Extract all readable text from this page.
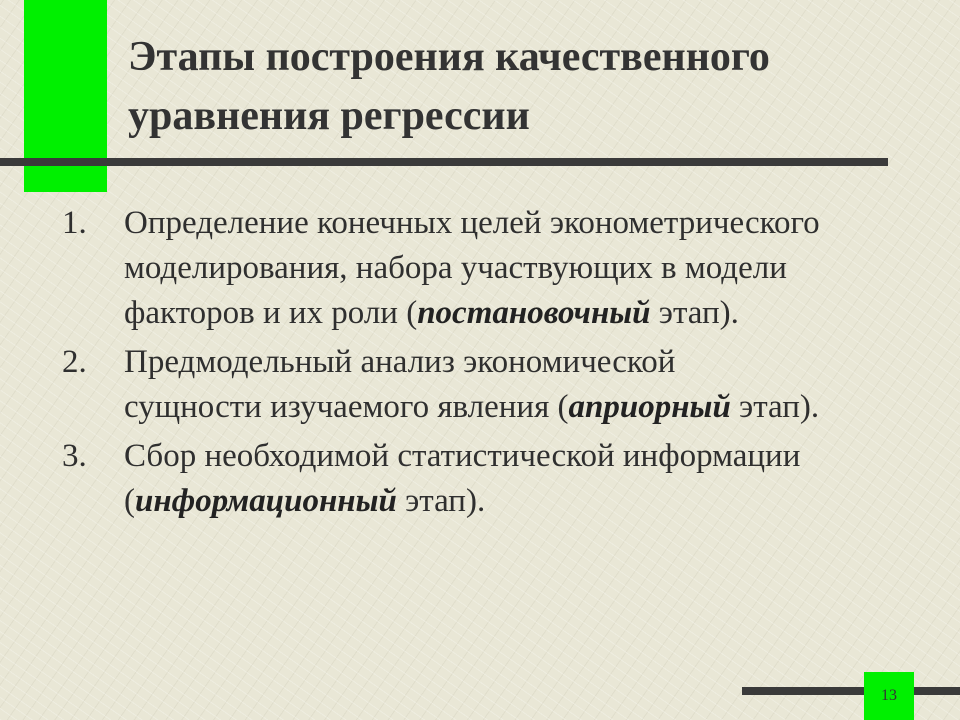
Этапы построения качественного
уравнения регрессии
1.	Определение конечных целей эконометрического
моделирования, набора участвующих в модели
факторов и их роли (постановочный этап).
2.	Предмодельный анализ экономической
сущности изучаемого явления (априорный этап).
3.	Сбор необходимой статистической информации
(информационный этап).
13
